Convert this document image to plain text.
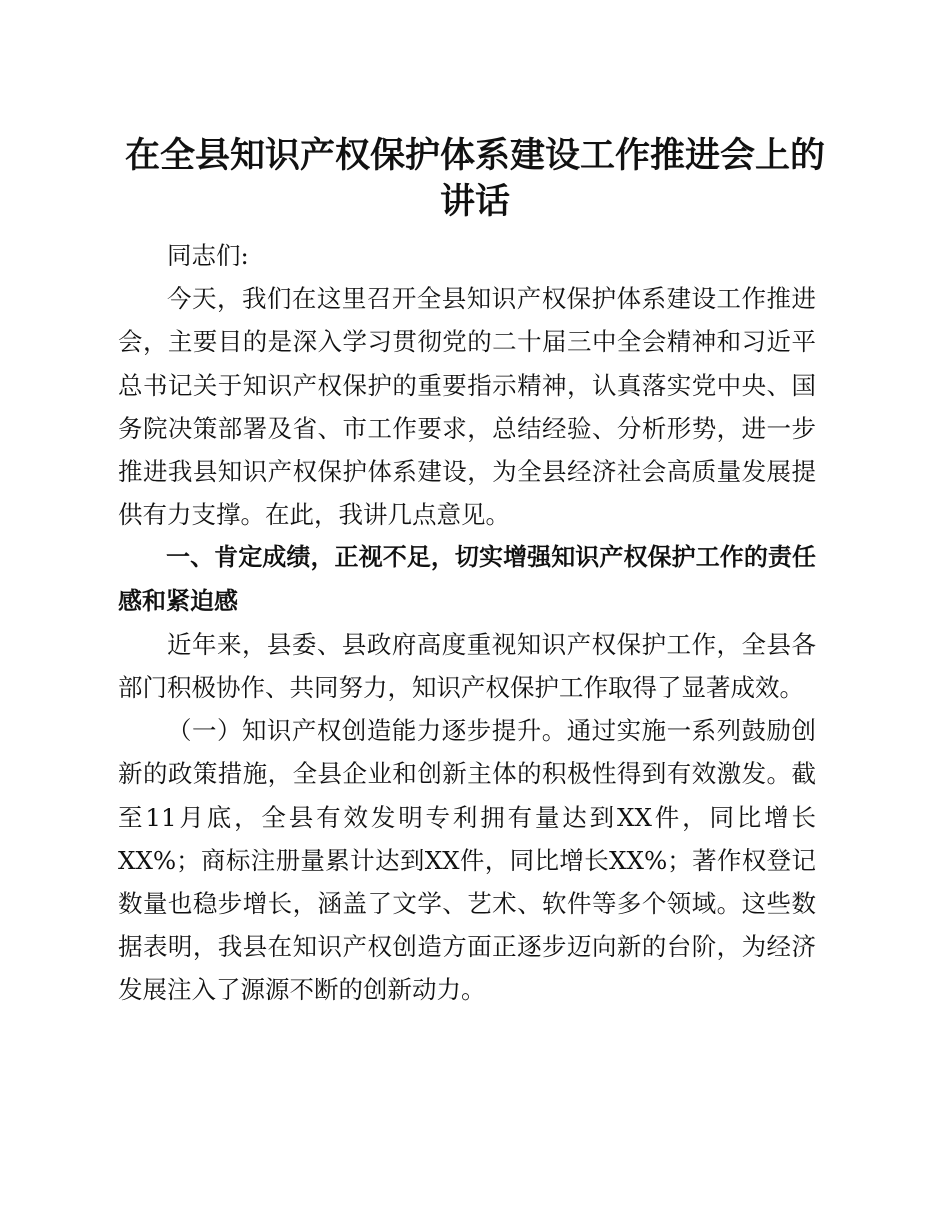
在全县知识产权保护体系建设工作推进会上的
讲话

同志们:

今天，我们在这里召开全县知识产权保护体系建设工作推进会，主要目的是深入学习贯彻党的二十届三中全会精神和习近平总书记关于知识产权保护的重要指示精神，认真落实党中央、国务院决策部署及省、市工作要求，总结经验、分析形势，进一步推进我县知识产权保护体系建设，为全县经济社会高质量发展提供有力支撑。在此，我讲几点意见。

一、肯定成绩，正视不足，切实增强知识产权保护工作的责任感和紧迫感

近年来，县委、县政府高度重视知识产权保护工作，全县各部门积极协作、共同努力，知识产权保护工作取得了显著成效。

（一）知识产权创造能力逐步提升。通过实施一系列鼓励创新的政策措施，全县企业和创新主体的积极性得到有效激发。截至11月底，全县有效发明专利拥有量达到XX件，同比增长XX%；商标注册量累计达到XX件，同比增长XX%；著作权登记数量也稳步增长，涵盖了文学、艺术、软件等多个领域。这些数据表明，我县在知识产权创造方面正逐步迈向新的台阶，为经济发展注入了源源不断的创新动力。
